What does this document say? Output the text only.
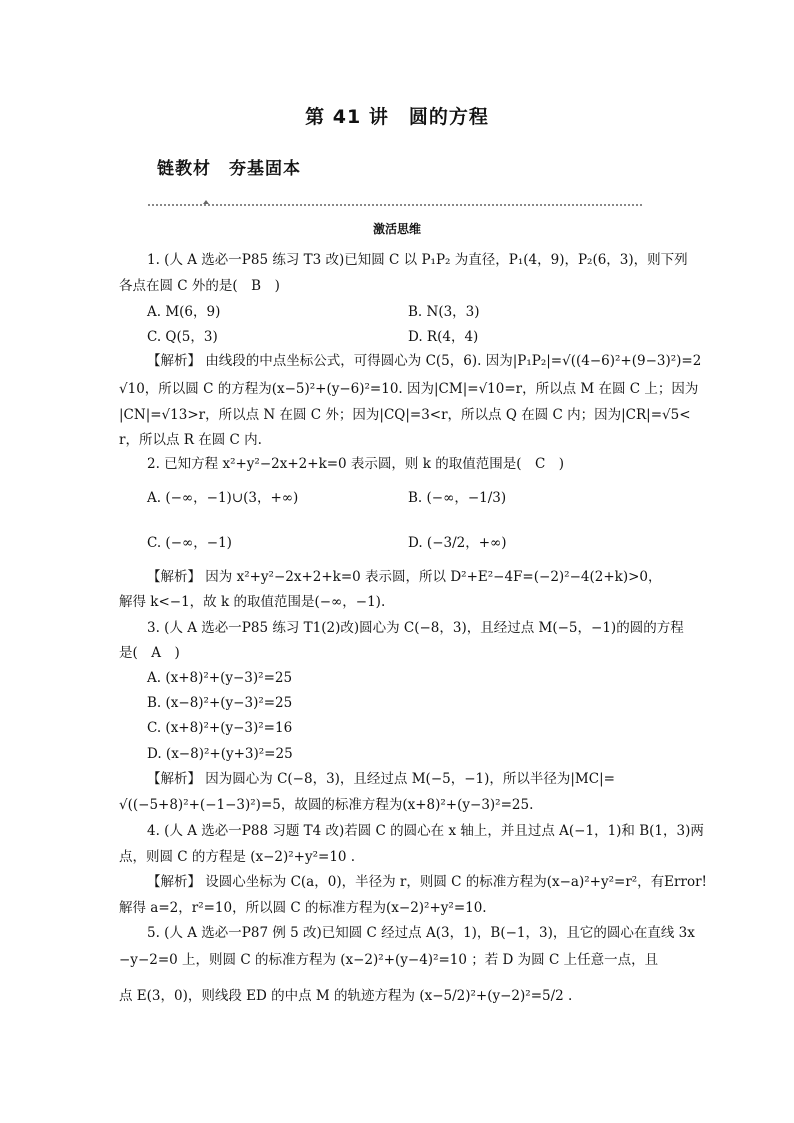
第 41 讲　圆的方程
链教材　夯基固本
激活思维
1. (人 A 选必一P85 练习 T3 改)已知圆 C 以 P₁P₂ 为直径，P₁(4，9)，P₂(6，3)，则下列
各点在圆 C 外的是(　B　)
A. M(6，9)	B. N(3，3)
C. Q(5，3)	D. R(4，4)
【解析】 由线段的中点坐标公式，可得圆心为 C(5，6). 因为|P₁P₂|=√((4−6)²+(9−3)²)=2
√10，所以圆 C 的方程为(x−5)²+(y−6)²=10. 因为|CM|=√10=r，所以点 M 在圆 C 上；因为
|CN|=√13>r，所以点 N 在圆 C 外；因为|CQ|=3<r，所以点 Q 在圆 C 内；因为|CR|=√5<
r，所以点 R 在圆 C 内.
2. 已知方程 x²+y²−2x+2+k=0 表示圆，则 k 的取值范围是(　C　)
A. (−∞，−1)∪(3，+∞)	B. (−∞，−1/3)
C. (−∞，−1)	D. (−3/2，+∞)
【解析】 因为 x²+y²−2x+2+k=0 表示圆，所以 D²+E²−4F=(−2)²−4(2+k)>0，
解得 k<−1，故 k 的取值范围是(−∞，−1).
3. (人 A 选必一P85 练习 T1(2)改)圆心为 C(−8，3)，且经过点 M(−5，−1)的圆的方程
是(　A　)
A. (x+8)²+(y−3)²=25
B. (x−8)²+(y−3)²=25
C. (x+8)²+(y−3)²=16
D. (x−8)²+(y+3)²=25
【解析】 因为圆心为 C(−8，3)，且经过点 M(−5，−1)，所以半径为|MC|=
√((−5+8)²+(−1−3)²)=5，故圆的标准方程为(x+8)²+(y−3)²=25.
4. (人 A 选必一P88 习题 T4 改)若圆 C 的圆心在 x 轴上，并且过点 A(−1，1)和 B(1，3)两
点，则圆 C 的方程是 (x−2)²+y²=10 .
【解析】 设圆心坐标为 C(a，0)，半径为 r，则圆 C 的标准方程为(x−a)²+y²=r²，有Error!
解得 a=2，r²=10，所以圆 C 的标准方程为(x−2)²+y²=10.
5. (人 A 选必一P87 例 5 改)已知圆 C 经过点 A(3，1)，B(−1，3)，且它的圆心在直线 3x
−y−2=0 上，则圆 C 的标准方程为 (x−2)²+(y−4)²=10 ；若 D 为圆 C 上任意一点，且
点 E(3，0)，则线段 ED 的中点 M 的轨迹方程为 (x−5/2)²+(y−2)²=5/2 .
